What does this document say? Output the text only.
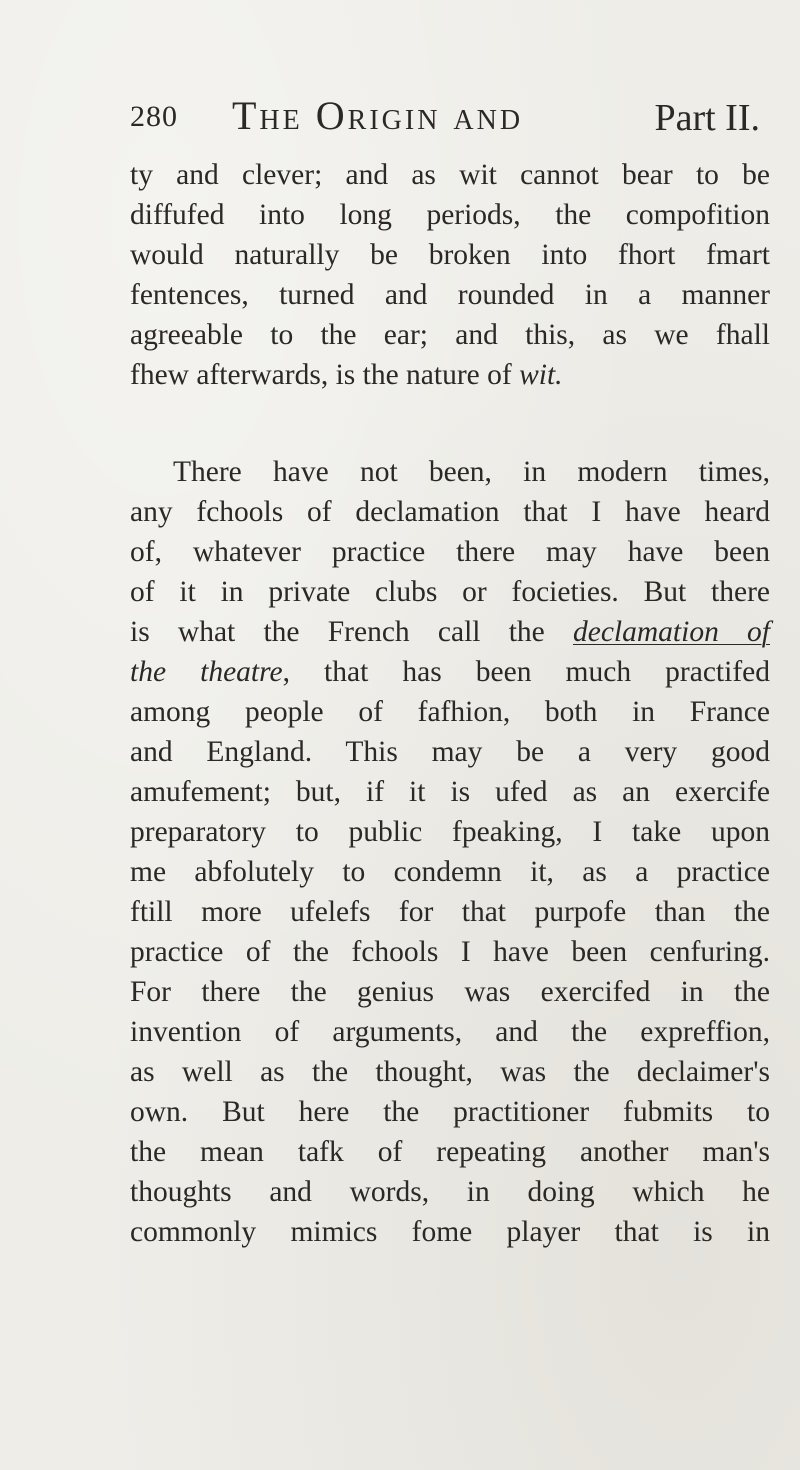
280 The Origin and	Part II.
ty and clever; and as wit cannot bear to be
diffufed into long periods, the compofition
would naturally be broken into fhort fmart
fentences, turned and rounded in a manner
agreeable to the ear; and this, as we fhall
fhew afterwards, is the nature of wit.
There have not been, in modern times,
any fchools of declamation that I have heard
of, whatever practice there may have been
of it in private clubs or focieties. But there
is what the French call the declamation of
the theatre, that has been much practifed
among people of fafhion, both in France
and England. This may be a very good
amufement; but, if it is ufed as an exercife
preparatory to public fpeaking, I take upon
me abfolutely to condemn it, as a practice
ftill more ufelefs for that purpofe than the
practice of the fchools I have been cenfuring.
For there the genius was exercifed in the
invention of arguments, and the expreffion,
as well as the thought, was the declaimer's
own. But here the practitioner fubmits to
the mean tafk of repeating another man's
thoughts and words, in doing which he
commonly mimics fome player that is in
